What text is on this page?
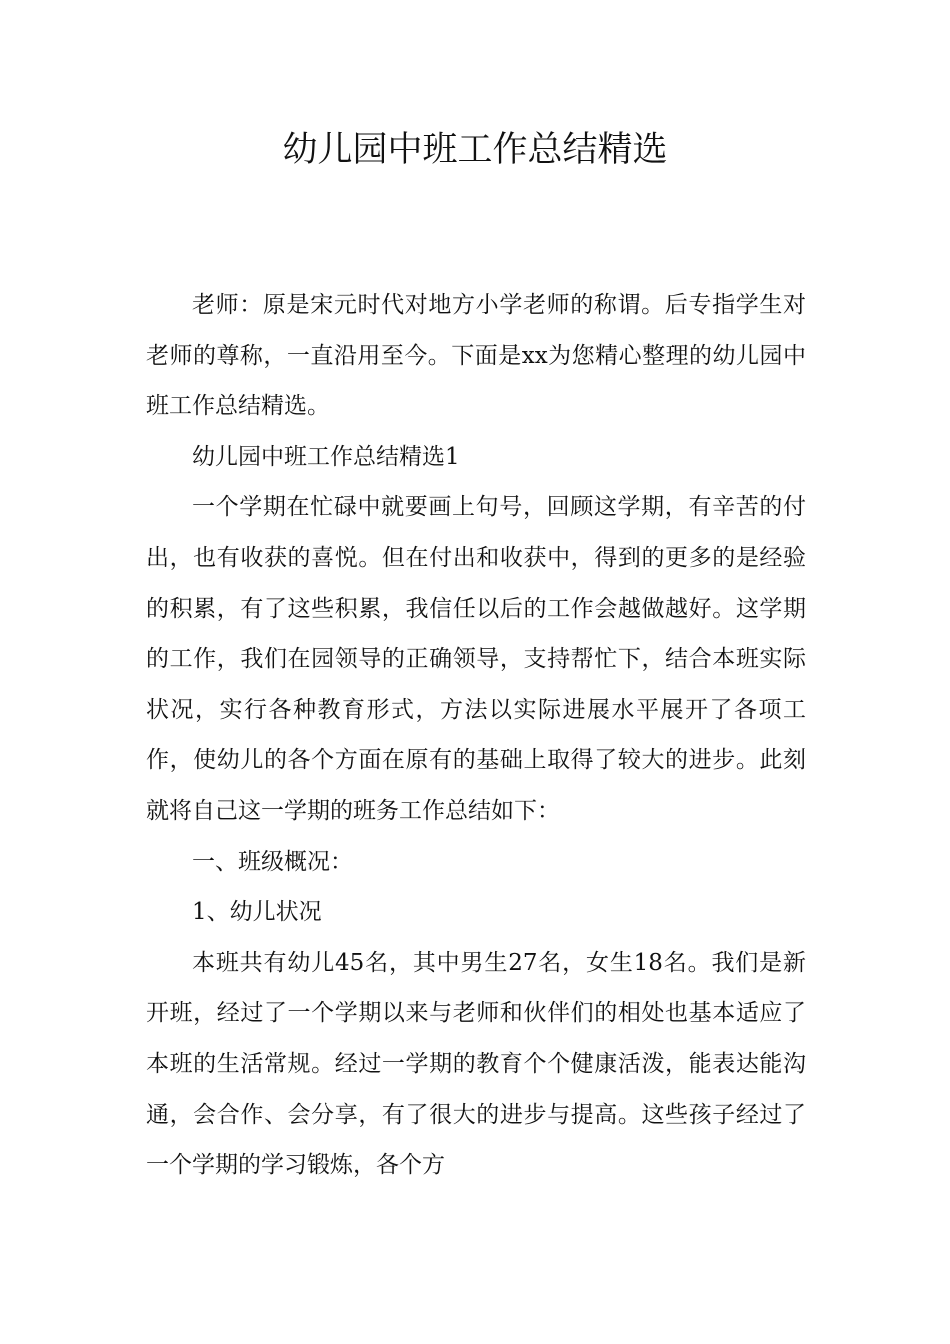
幼儿园中班工作总结精选

老师：原是宋元时代对地方小学老师的称谓。后专指学生对老师的尊称，一直沿用至今。下面是xx为您精心整理的幼儿园中班工作总结精选。

幼儿园中班工作总结精选1

一个学期在忙碌中就要画上句号，回顾这学期，有辛苦的付出，也有收获的喜悦。但在付出和收获中，得到的更多的是经验的积累，有了这些积累，我信任以后的工作会越做越好。这学期的工作，我们在园领导的正确领导，支持帮忙下，结合本班实际状况，实行各种教育形式，方法以实际进展水平展开了各项工作，使幼儿的各个方面在原有的基础上取得了较大的进步。此刻就将自己这一学期的班务工作总结如下：

一、班级概况：

1、幼儿状况

本班共有幼儿45名，其中男生27名，女生18名。我们是新开班，经过了一个学期以来与老师和伙伴们的相处也基本适应了本班的生活常规。经过一学期的教育个个健康活泼，能表达能沟通，会合作、会分享，有了很大的进步与提高。这些孩子经过了一个学期的学习锻炼，各个方
